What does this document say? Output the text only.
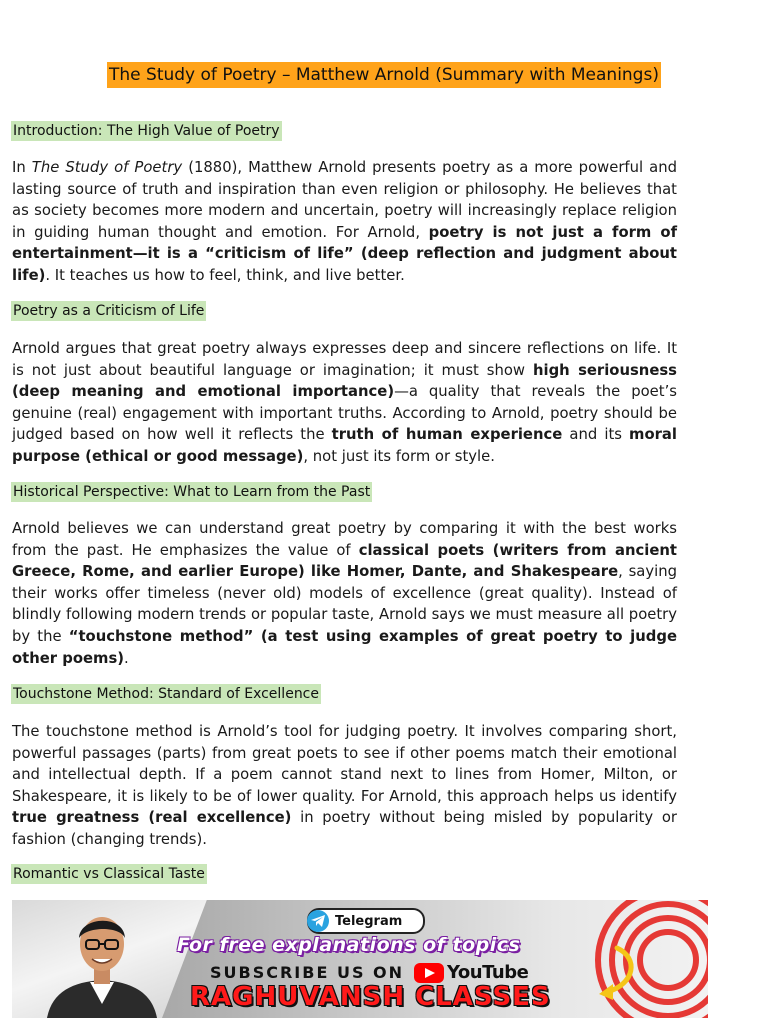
The Study of Poetry – Matthew Arnold (Summary with Meanings)
Introduction: The High Value of Poetry

In The Study of Poetry (1880), Matthew Arnold presents poetry as a more powerful and lasting source of truth and inspiration than even religion or philosophy. He believes that as society becomes more modern and uncertain, poetry will increasingly replace religion in guiding human thought and emotion. For Arnold, poetry is not just a form of entertainment—it is a “criticism of life” (deep reflection and judgment about life). It teaches us how to feel, think, and live better.

Poetry as a Criticism of Life

Arnold argues that great poetry always expresses deep and sincere reflections on life. It is not just about beautiful language or imagination; it must show high seriousness (deep meaning and emotional importance)—a quality that reveals the poet’s genuine (real) engagement with important truths. According to Arnold, poetry should be judged based on how well it reflects the truth of human experience and its moral purpose (ethical or good message), not just its form or style.

Historical Perspective: What to Learn from the Past

Arnold believes we can understand great poetry by comparing it with the best works from the past. He emphasizes the value of classical poets (writers from ancient Greece, Rome, and earlier Europe) like Homer, Dante, and Shakespeare, saying their works offer timeless (never old) models of excellence (great quality). Instead of blindly following modern trends or popular taste, Arnold says we must measure all poetry by the “touchstone method” (a test using examples of great poetry to judge other poems).

Touchstone Method: Standard of Excellence

The touchstone method is Arnold’s tool for judging poetry. It involves comparing short, powerful passages (parts) from great poets to see if other poems match their emotional and intellectual depth. If a poem cannot stand next to lines from Homer, Milton, or Shakespeare, it is likely to be of lower quality. For Arnold, this approach helps us identify true greatness (real excellence) in poetry without being misled by popularity or fashion (changing trends).

Romantic vs Classical Taste
Telegram
For free explanations of topics
SUBSCRIBE US ON YouTube
RAGHUVANSH CLASSES
